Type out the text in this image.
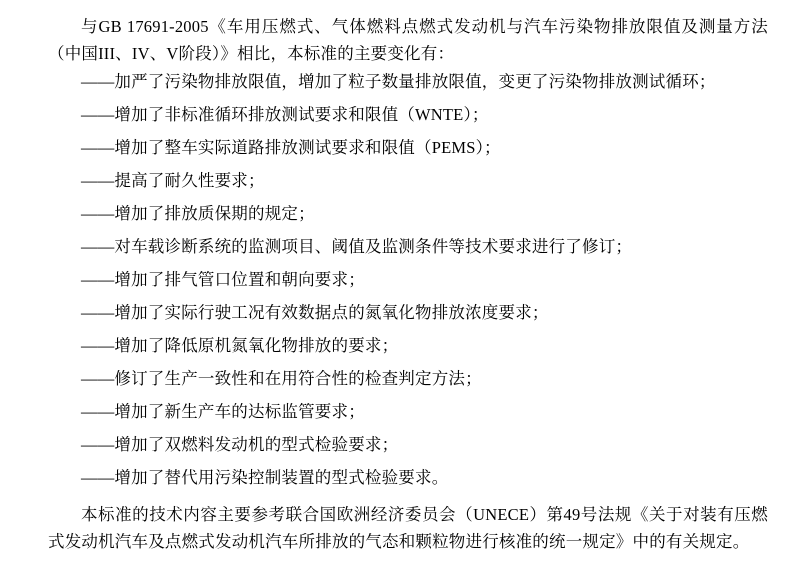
与GB 17691-2005《车用压燃式、气体燃料点燃式发动机与汽车污染物排放限值及测量方法（中国III、IV、V阶段）》相比，本标准的主要变化有：

——加严了污染物排放限值，增加了粒子数量排放限值，变更了污染物排放测试循环；
——增加了非标准循环排放测试要求和限值（WNTE）；
——增加了整车实际道路排放测试要求和限值（PEMS）；
——提高了耐久性要求；
——增加了排放质保期的规定；
——对车载诊断系统的监测项目、阈值及监测条件等技术要求进行了修订；
——增加了排气管口位置和朝向要求；
——增加了实际行驶工况有效数据点的氮氧化物排放浓度要求；
——增加了降低原机氮氧化物排放的要求；
——修订了生产一致性和在用符合性的检查判定方法；
——增加了新生产车的达标监管要求；
——增加了双燃料发动机的型式检验要求；
——增加了替代用污染控制装置的型式检验要求。

本标准的技术内容主要参考联合国欧洲经济委员会（UNECE）第49号法规《关于对装有压燃式发动机汽车及点燃式发动机汽车所排放的气态和颗粒物进行核准的统一规定》中的有关规定。
